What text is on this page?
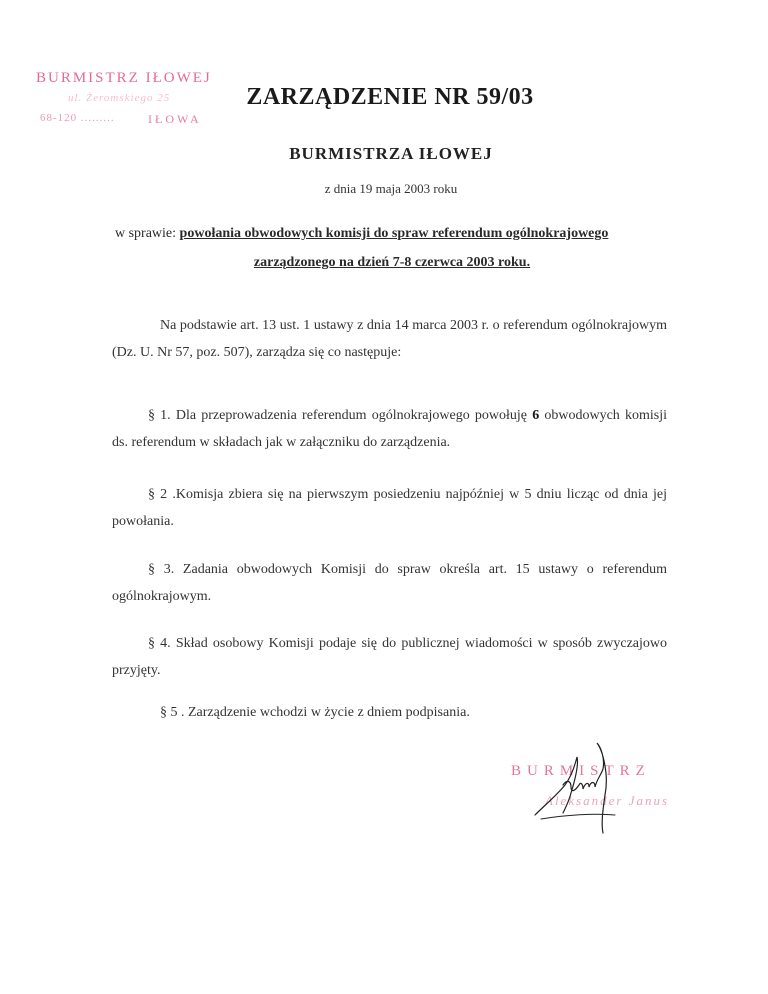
BURMISTRZ IŁOWEJ
ul. Żeromskiego 25
68-120 .........	IŁOWA
ZARZĄDZENIE NR 59/03
BURMISTRZA IŁOWEJ
z dnia 19 maja 2003 roku
w sprawie: powołania obwodowych komisji do spraw referendum ogólnokrajowego
zarządzonego na dzień 7-8 czerwca 2003 roku.
Na podstawie art. 13 ust. 1 ustawy z dnia 14 marca 2003 r. o referendum ogólnokrajowym (Dz. U. Nr 57, poz. 507), zarządza się co następuje:
§ 1. Dla przeprowadzenia referendum ogólnokrajowego powołuję 6 obwodowych komisji ds. referendum w składach jak w załączniku do zarządzenia.
§ 2 .Komisja zbiera się na pierwszym posiedzeniu najpóźniej w 5 dniu licząc od dnia jej powołania.
§ 3. Zadania obwodowych Komisji do spraw określa art. 15 ustawy o referendum ogólnokrajowym.
§ 4. Skład osobowy Komisji podaje się do publicznej wiadomości w sposób zwyczajowo przyjęty.
§ 5 . Zarządzenie wchodzi w życie z dniem podpisania.
BURMISTRZ
Aleksander Janus
